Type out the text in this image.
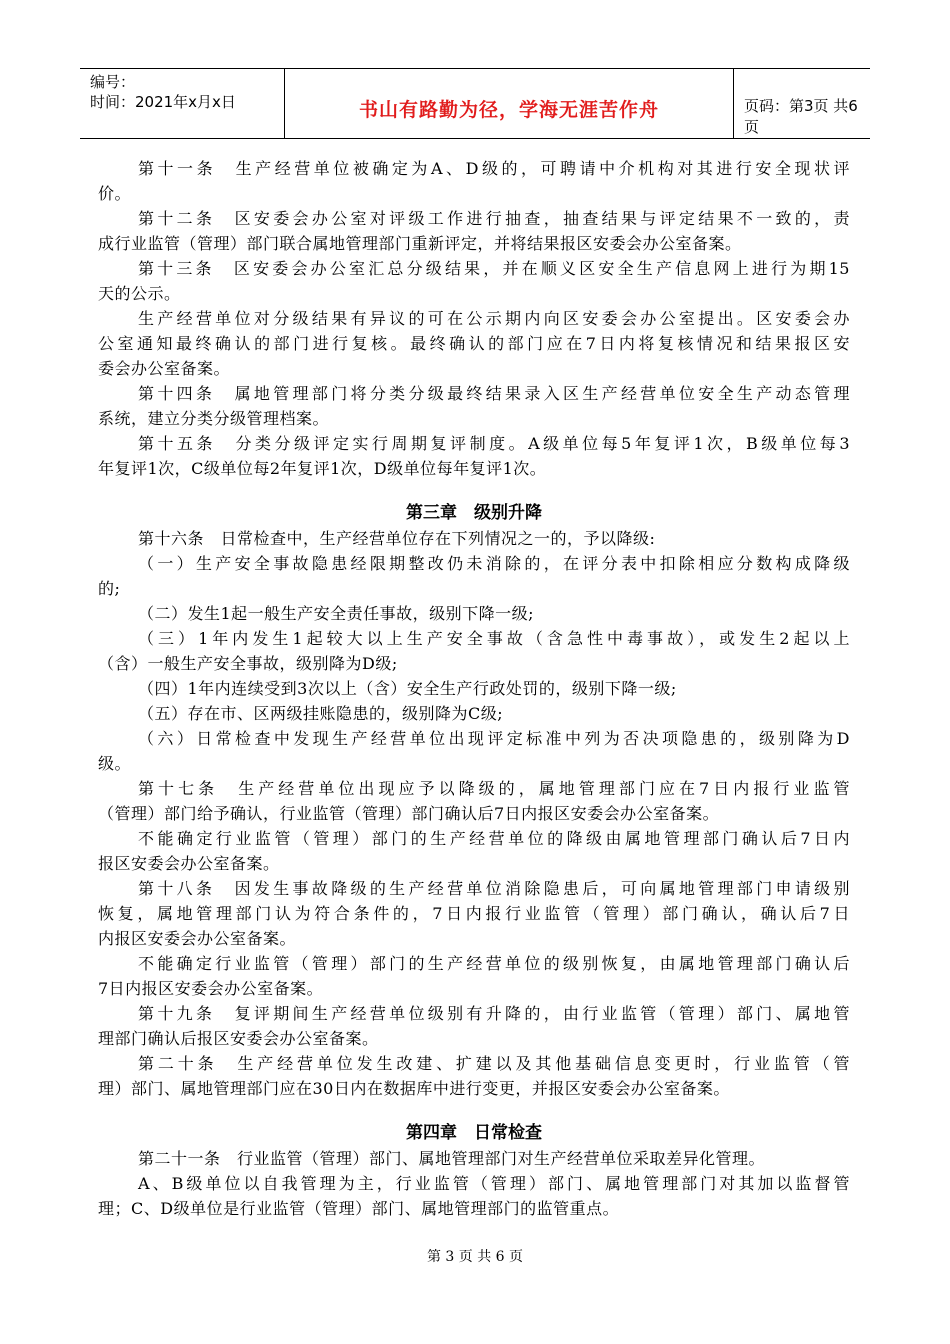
编号：
时间：2021年x月x日	书山有路勤为径，学海无涯苦作舟	页码：第3页 共6页
第十一条　生产经营单位被确定为A、D级的，可聘请中介机构对其进行安全现状评
价。
第十二条　区安委会办公室对评级工作进行抽查，抽查结果与评定结果不一致的，责
成行业监管（管理）部门联合属地管理部门重新评定，并将结果报区安委会办公室备案。
第十三条　区安委会办公室汇总分级结果，并在顺义区安全生产信息网上进行为期15
天的公示。
生产经营单位对分级结果有异议的可在公示期内向区安委会办公室提出。区安委会办
公室通知最终确认的部门进行复核。最终确认的部门应在7日内将复核情况和结果报区安
委会办公室备案。
第十四条　属地管理部门将分类分级最终结果录入区生产经营单位安全生产动态管理
系统，建立分类分级管理档案。
第十五条　分类分级评定实行周期复评制度。A级单位每5年复评1次，B级单位每3
年复评1次，C级单位每2年复评1次，D级单位每年复评1次。
第三章　级别升降
第十六条　日常检查中，生产经营单位存在下列情况之一的，予以降级:
（一）生产安全事故隐患经限期整改仍未消除的，在评分表中扣除相应分数构成降级
的;
（二）发生1起一般生产安全责任事故，级别下降一级;
（三）1年内发生1起较大以上生产安全事故（含急性中毒事故），或发生2起以上
（含）一般生产安全事故，级别降为D级;
（四）1年内连续受到3次以上（含）安全生产行政处罚的，级别下降一级;
（五）存在市、区两级挂账隐患的，级别降为C级;
（六）日常检查中发现生产经营单位出现评定标准中列为否决项隐患的，级别降为D
级。
第十七条　生产经营单位出现应予以降级的，属地管理部门应在7日内报行业监管
（管理）部门给予确认，行业监管（管理）部门确认后7日内报区安委会办公室备案。
不能确定行业监管（管理）部门的生产经营单位的降级由属地管理部门确认后7日内
报区安委会办公室备案。
第十八条　因发生事故降级的生产经营单位消除隐患后，可向属地管理部门申请级别
恢复，属地管理部门认为符合条件的，7日内报行业监管（管理）部门确认，确认后7日
内报区安委会办公室备案。
不能确定行业监管（管理）部门的生产经营单位的级别恢复，由属地管理部门确认后
7日内报区安委会办公室备案。
第十九条　复评期间生产经营单位级别有升降的，由行业监管（管理）部门、属地管
理部门确认后报区安委会办公室备案。
第二十条　生产经营单位发生改建、扩建以及其他基础信息变更时，行业监管（管
理）部门、属地管理部门应在30日内在数据库中进行变更，并报区安委会办公室备案。
第四章　日常检查
第二十一条　行业监管（管理）部门、属地管理部门对生产经营单位采取差异化管理。
A、B级单位以自我管理为主，行业监管（管理）部门、属地管理部门对其加以监督管
理；C、D级单位是行业监管（管理）部门、属地管理部门的监管重点。
第 3 页 共 6 页
